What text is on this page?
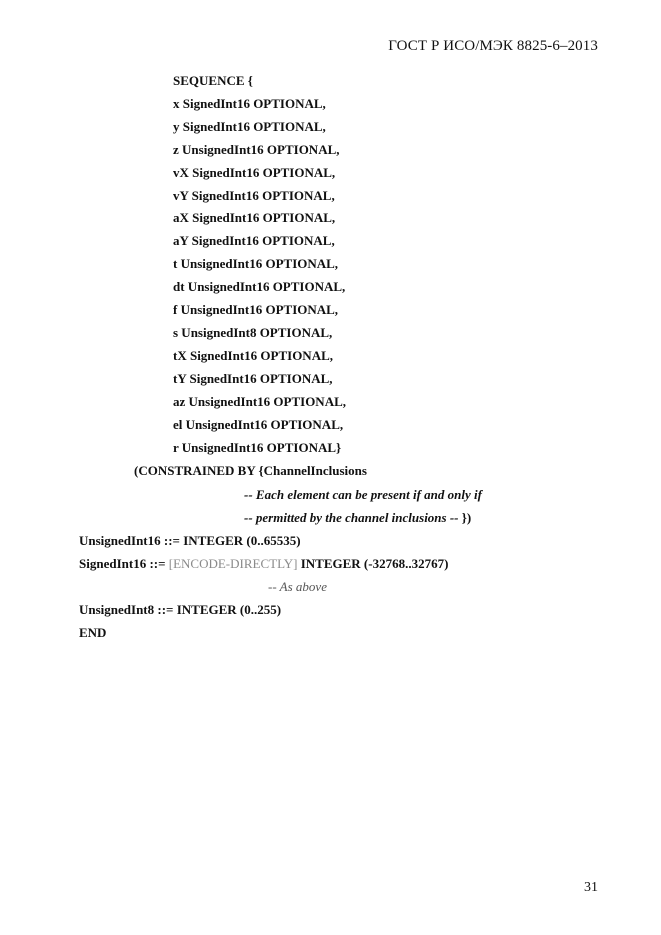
ГОСТ Р ИСО/МЭК 8825-6–2013
SEQUENCE {
x SignedInt16 OPTIONAL,
y SignedInt16 OPTIONAL,
z UnsignedInt16 OPTIONAL,
vX SignedInt16 OPTIONAL,
vY SignedInt16 OPTIONAL,
aX SignedInt16 OPTIONAL,
aY SignedInt16 OPTIONAL,
t UnsignedInt16 OPTIONAL,
dt UnsignedInt16 OPTIONAL,
f UnsignedInt16 OPTIONAL,
s UnsignedInt8 OPTIONAL,
tX SignedInt16 OPTIONAL,
tY SignedInt16 OPTIONAL,
az UnsignedInt16 OPTIONAL,
el UnsignedInt16 OPTIONAL,
r UnsignedInt16 OPTIONAL}
(CONSTRAINED BY {ChannelInclusions
-- Each element can be present if and only if
-- permitted by the channel inclusions -- })
UnsignedInt16 ::= INTEGER (0..65535)
SignedInt16 ::= [ENCODE-DIRECTLY] INTEGER (-32768..32767)
-- As above
UnsignedInt8 ::= INTEGER (0..255)
END
31
